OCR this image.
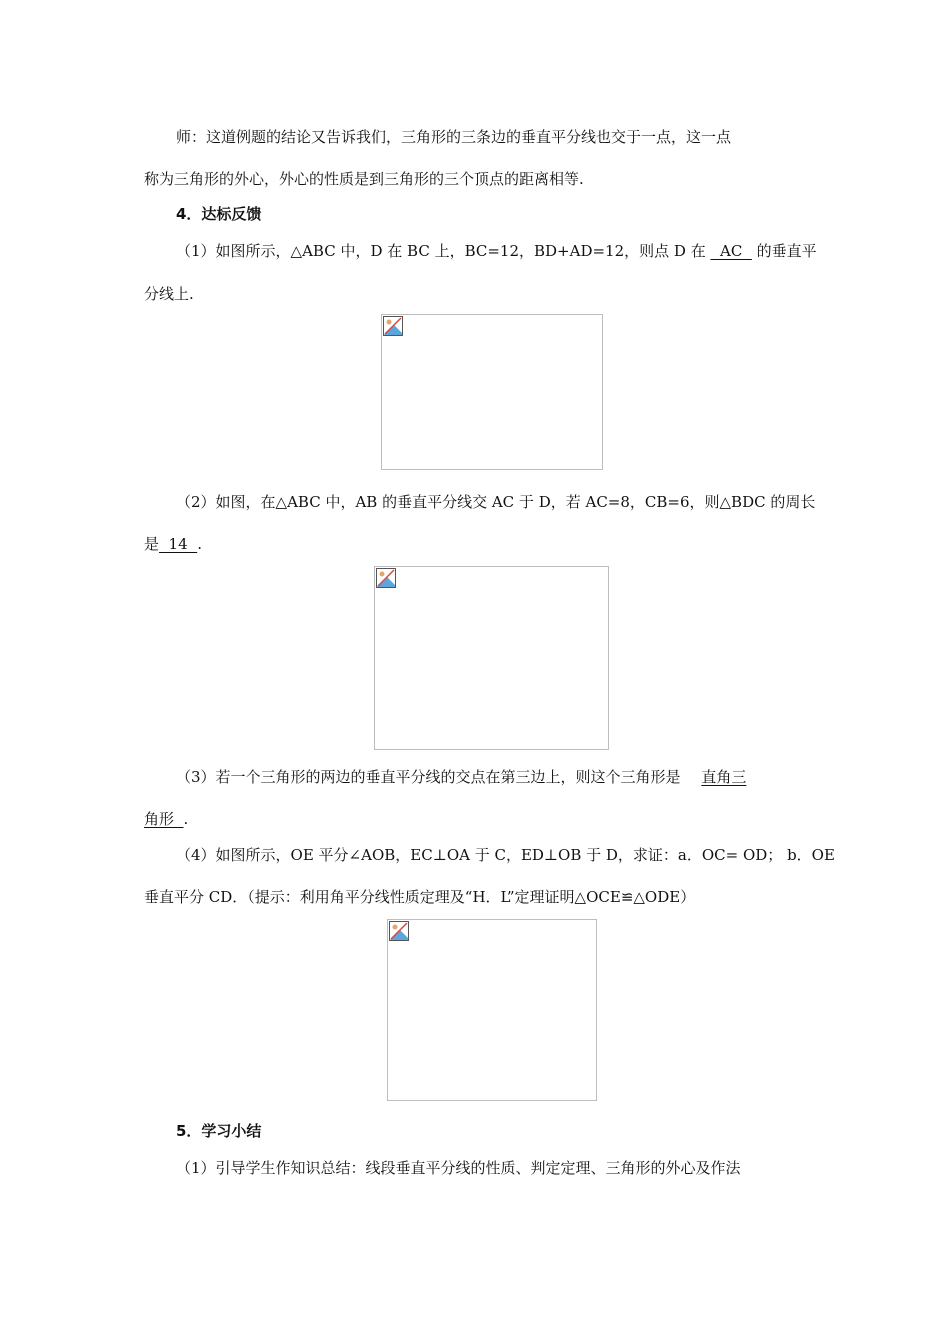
师：这道例题的结论又告诉我们，三角形的三条边的垂直平分线也交于一点，这一点
称为三角形的外心，外心的性质是到三角形的三个顶点的距离相等.
4．达标反馈
（1）如图所示，△ABC 中，D 在 BC 上，BC=12，BD+AD=12，则点 D 在   AC   的垂直平
分线上.
（2）如图，在△ABC 中，AB 的垂直平分线交 AC 于 D，若 AC=8，CB=6，则△BDC 的周长
是  14  .
（3）若一个三角形的两边的垂直平分线的交点在第三边上，则这个三角形是 直角三
角形  .
（4）如图所示，OE 平分∠AOB，EC⊥OA 于 C，ED⊥OB 于 D，求证：a．OC= OD； b．OE
垂直平分 CD．（提示：利用角平分线性质定理及“H．L”定理证明△OCE≌△ODE）
5．学习小结
（1）引导学生作知识总结：线段垂直平分线的性质、判定定理、三角形的外心及作法
